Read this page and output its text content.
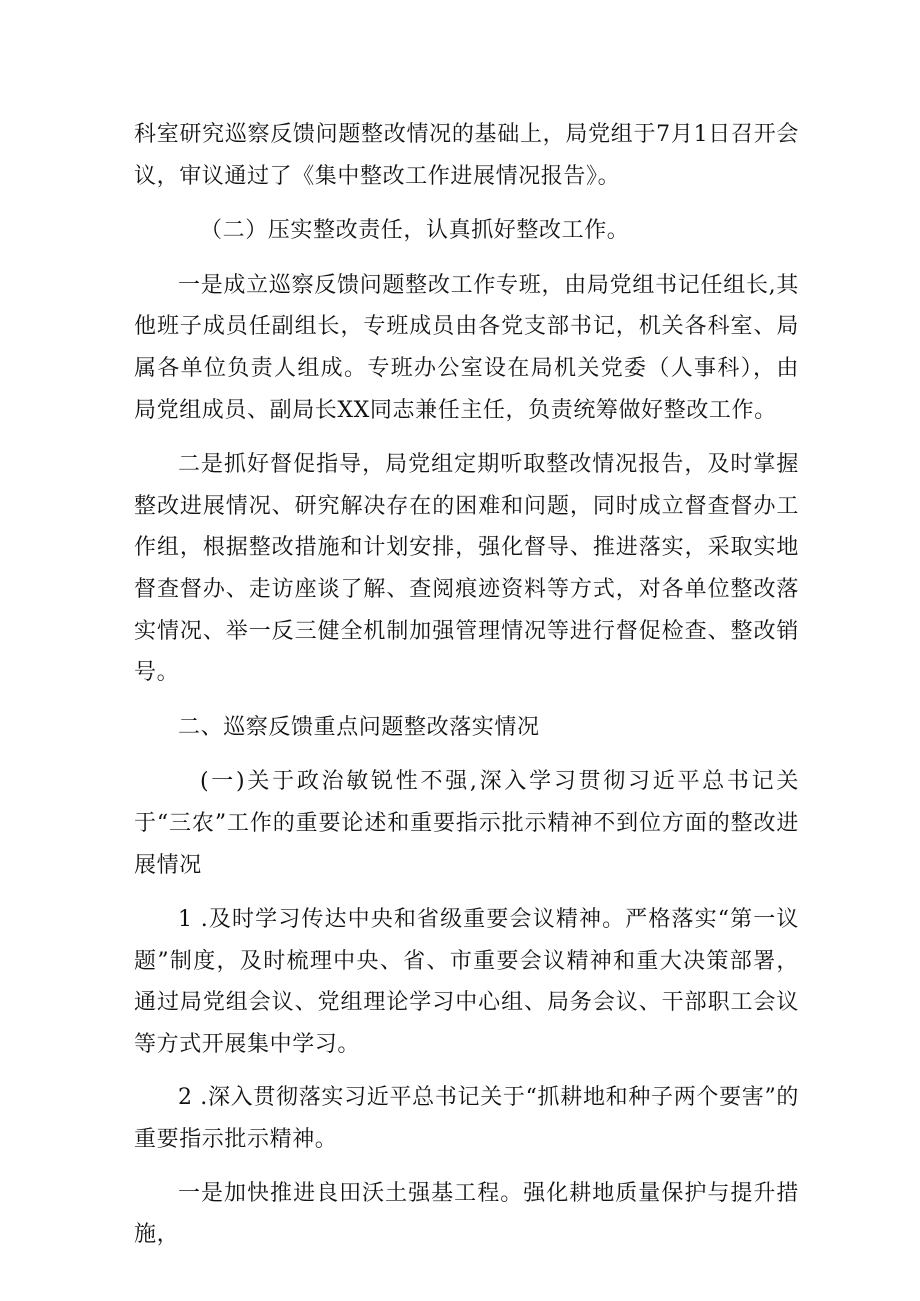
科室研究巡察反馈问题整改情况的基础上，局党组于7月1日召开会议，审议通过了《集中整改工作进展情况报告》。

（二）压实整改责任，认真抓好整改工作。

一是成立巡察反馈问题整改工作专班，由局党组书记任组长,其他班子成员任副组长，专班成员由各党支部书记，机关各科室、局属各单位负责人组成。专班办公室设在局机关党委（人事科），由局党组成员、副局长XX同志兼任主任，负责统筹做好整改工作。

二是抓好督促指导，局党组定期听取整改情况报告，及时掌握整改进展情况、研究解决存在的困难和问题，同时成立督查督办工作组，根据整改措施和计划安排，强化督导、推进落实，采取实地督查督办、走访座谈了解、查阅痕迹资料等方式，对各单位整改落实情况、举一反三健全机制加强管理情况等进行督促检查、整改销号。

二、巡察反馈重点问题整改落实情况

(一)关于政治敏锐性不强,深入学习贯彻习近平总书记关于“三农”工作的重要论述和重要指示批示精神不到位方面的整改进展情况

1 .及时学习传达中央和省级重要会议精神。严格落实“第一议题”制度，及时梳理中央、省、市重要会议精神和重大决策部署，通过局党组会议、党组理论学习中心组、局务会议、干部职工会议等方式开展集中学习。

2 .深入贯彻落实习近平总书记关于“抓耕地和种子两个要害”的重要指示批示精神。

一是加快推进良田沃土强基工程。强化耕地质量保护与提升措施，
